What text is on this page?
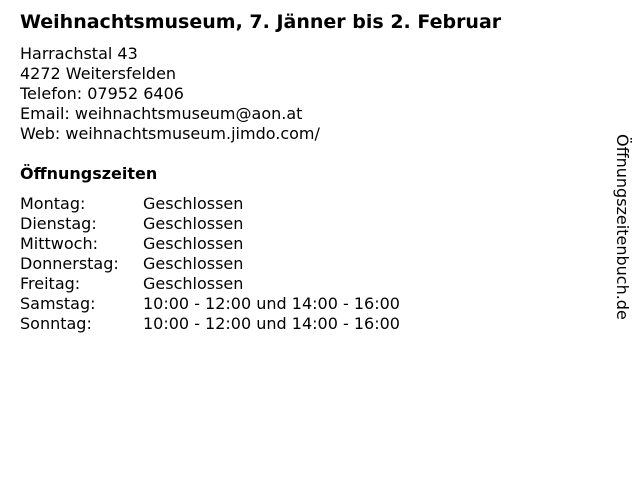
Weihnachtsmuseum, 7. Jänner bis 2. Februar
Harrachstal 43
4272 Weitersfelden
Telefon: 07952 6406
Email: weihnachtsmuseum@aon.at
Web: weihnachtsmuseum.jimdo.com/
Öffnungszeiten
Montag:	Geschlossen
Dienstag:	Geschlossen
Mittwoch:	Geschlossen
Donnerstag:	Geschlossen
Freitag:	Geschlossen
Samstag:	10:00 - 12:00 und 14:00 - 16:00
Sonntag:	10:00 - 12:00 und 14:00 - 16:00
Öffnungszeitenbuch.de
